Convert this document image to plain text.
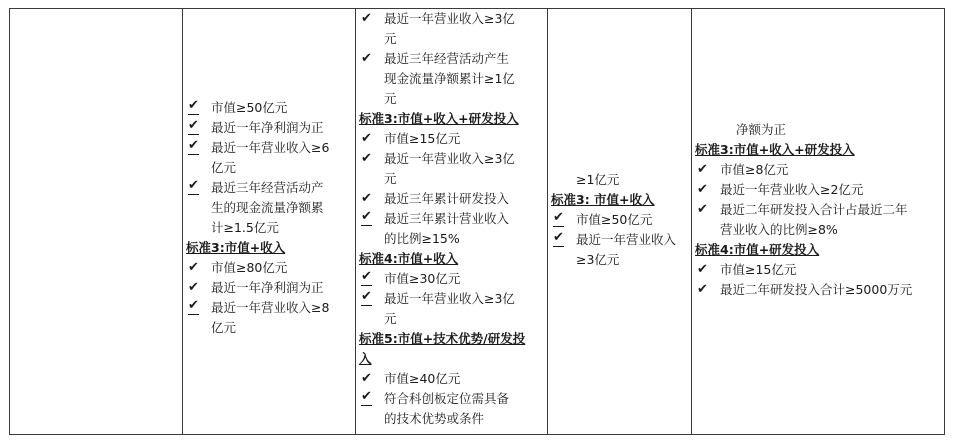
✔ 市值≥50亿元
✔ 最近一年净利润为正
✔ 最近一年营业收入≥6
亿元
✔ 最近三年经营活动产
生的现金流量净额累
计≥1.5亿元
标准3:市值+收入
✔ 市值≥80亿元
✔ 最近一年净利润为正
✔ 最近一年营业收入≥8
亿元
✔ 最近一年营业收入≥3亿
元
✔ 最近三年经营活动产生
现金流量净额累计≥1亿
元
标准3:市值+收入+研发投入
✔ 市值≥15亿元
✔ 最近一年营业收入≥3亿
元
✔ 最近三年累计研发投入
✔ 最近三年累计营业收入
的比例≥15%
标准4:市值+收入
✔ 市值≥30亿元
✔ 最近一年营业收入≥3亿
元
标准5:市值+技术优势/研发投
入
✔ 市值≥40亿元
✔ 符合科创板定位需具备
的技术优势或条件
≥1亿元
标准3: 市值+收入
✔ 市值≥50亿元
✔ 最近一年营业收入
≥3亿元
净额为正
标准3:市值+收入+研发投入
✔ 市值≥8亿元
✔ 最近一年营业收入≥2亿元
✔ 最近二年研发投入合计占最近二年
营业收入的比例≥8%
标准4:市值+研发投入
✔ 市值≥15亿元
✔ 最近二年研发投入合计≥5000万元
